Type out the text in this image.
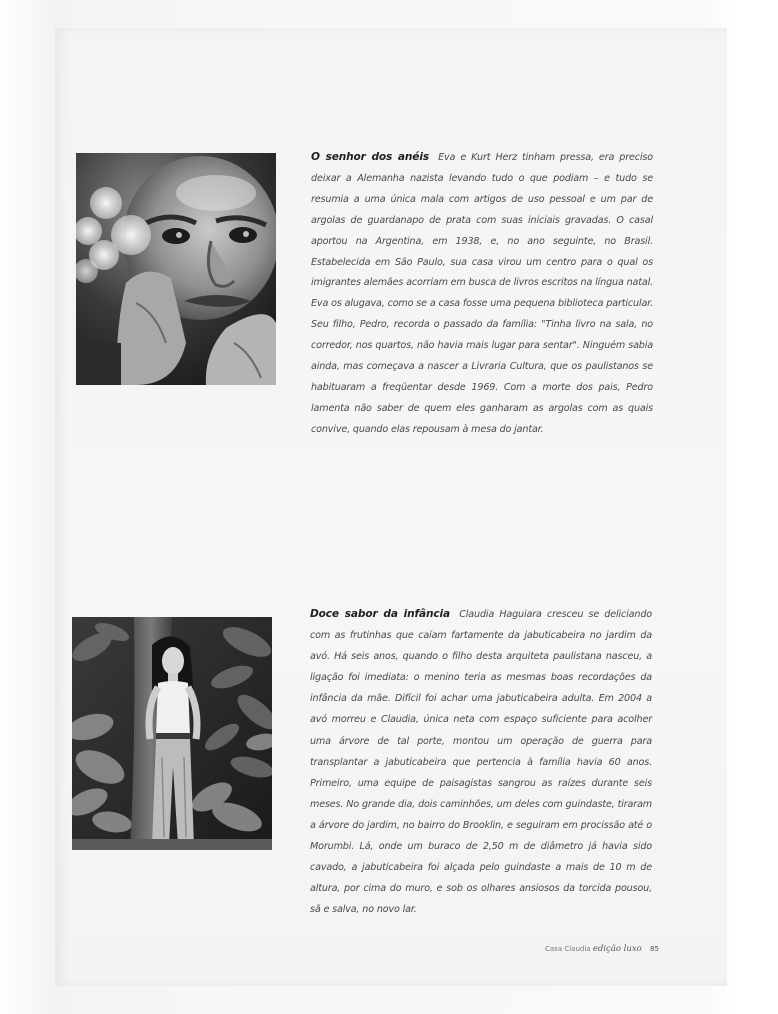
O senhor dos anéis Eva e Kurt Herz tinham pressa, era preciso deixar a Alemanha nazista levando tudo o que podiam – e tudo se resumia a uma única mala com artigos de uso pessoal e um par de argolas de guardanapo de prata com suas iniciais gravadas. O casal aportou na Argentina, em 1938, e, no ano seguinte, no Brasil. Estabelecida em São Paulo, sua casa virou um centro para o qual os imigrantes alemães acorriam em busca de livros escritos na língua natal. Eva os alugava, como se a casa fosse uma pequena biblioteca particular. Seu filho, Pedro, recorda o passado da família: "Tinha livro na sala, no corredor, nos quartos, não havia mais lugar para sentar". Ninguém sabia ainda, mas começava a nascer a Livraria Cultura, que os paulistanos se habituaram a freqüentar desde 1969. Com a morte dos pais, Pedro lamenta não saber de quem eles ganharam as argolas com as quais convive, quando elas repousam à mesa do jantar.
Doce sabor da infância Claudia Haguiara cresceu se deliciando com as frutinhas que caíam fartamente da jabuticabeira no jardim da avó. Há seis anos, quando o filho desta arquiteta paulistana nasceu, a ligação foi imediata: o menino teria as mesmas boas recordações da infância da mãe. Difícil foi achar uma jabuticabeira adulta. Em 2004 a avó morreu e Claudia, única neta com espaço suficiente para acolher uma árvore de tal porte, montou um operação de guerra para transplantar a jabuticabeira que pertencia à família havia 60 anos. Primeiro, uma equipe de paisagistas sangrou as raízes durante seis meses. No grande dia, dois caminhões, um deles com guindaste, tiraram a árvore do jardim, no bairro do Brooklin, e seguiram em procissão até o Morumbi. Lá, onde um buraco de 2,50 m de diâmetro já havia sido cavado, a jabuticabeira foi alçada pelo guindaste a mais de 10 m de altura, por cima do muro, e sob os olhares ansiosos da torcida pousou, sã e salva, no novo lar.
Casa Claudia edição luxo 85
